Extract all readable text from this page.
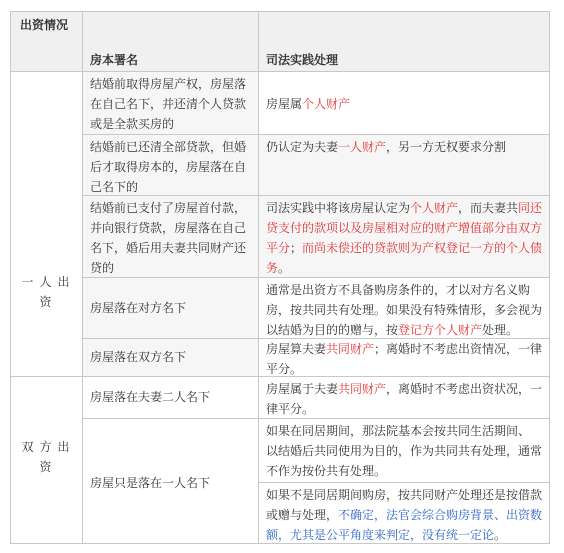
出资情况
房本署名	司法实践处理
一人出资
双方出资
结婚前取得房屋产权，房屋落在自己名下，并还清个人贷款或是全款买房的
房屋属个人财产
结婚前已还清全部贷款，但婚后才取得房本的，房屋落在自己名下的
仍认定为夫妻一人财产，另一方无权要求分割
结婚前已支付了房屋首付款，并向银行贷款，房屋落在自己名下，婚后用夫妻共同财产还贷的
司法实践中将该房屋认定为个人财产，而夫妻共同还贷支付的款项以及房屋相对应的财产增值部分由双方平分；而尚未偿还的贷款则为产权登记一方的个人债务。
房屋落在对方名下
通常是出资方不具备购房条件的，才以对方名义购房，按共同共有处理。如果没有特殊情形，多会视为以结婚为目的的赠与，按登记方个人财产处理。
房屋落在双方名下
房屋算夫妻共同财产；离婚时不考虑出资情况，一律平分。
房屋落在夫妻二人名下
房屋属于夫妻共同财产，离婚时不考虑出资状况，一律平分。
房屋只是落在一人名下
如果在同居期间，那法院基本会按共同生活期间、 以结婚后共同使用为目的，作为共同共有处理，通常不作为按份共有处理。
如果不是同居期间购房，按共同财产处理还是按借款或赠与处理，不确定，法官会综合购房背景、出资数额，尤其是公平角度来判定，没有统一定论。
